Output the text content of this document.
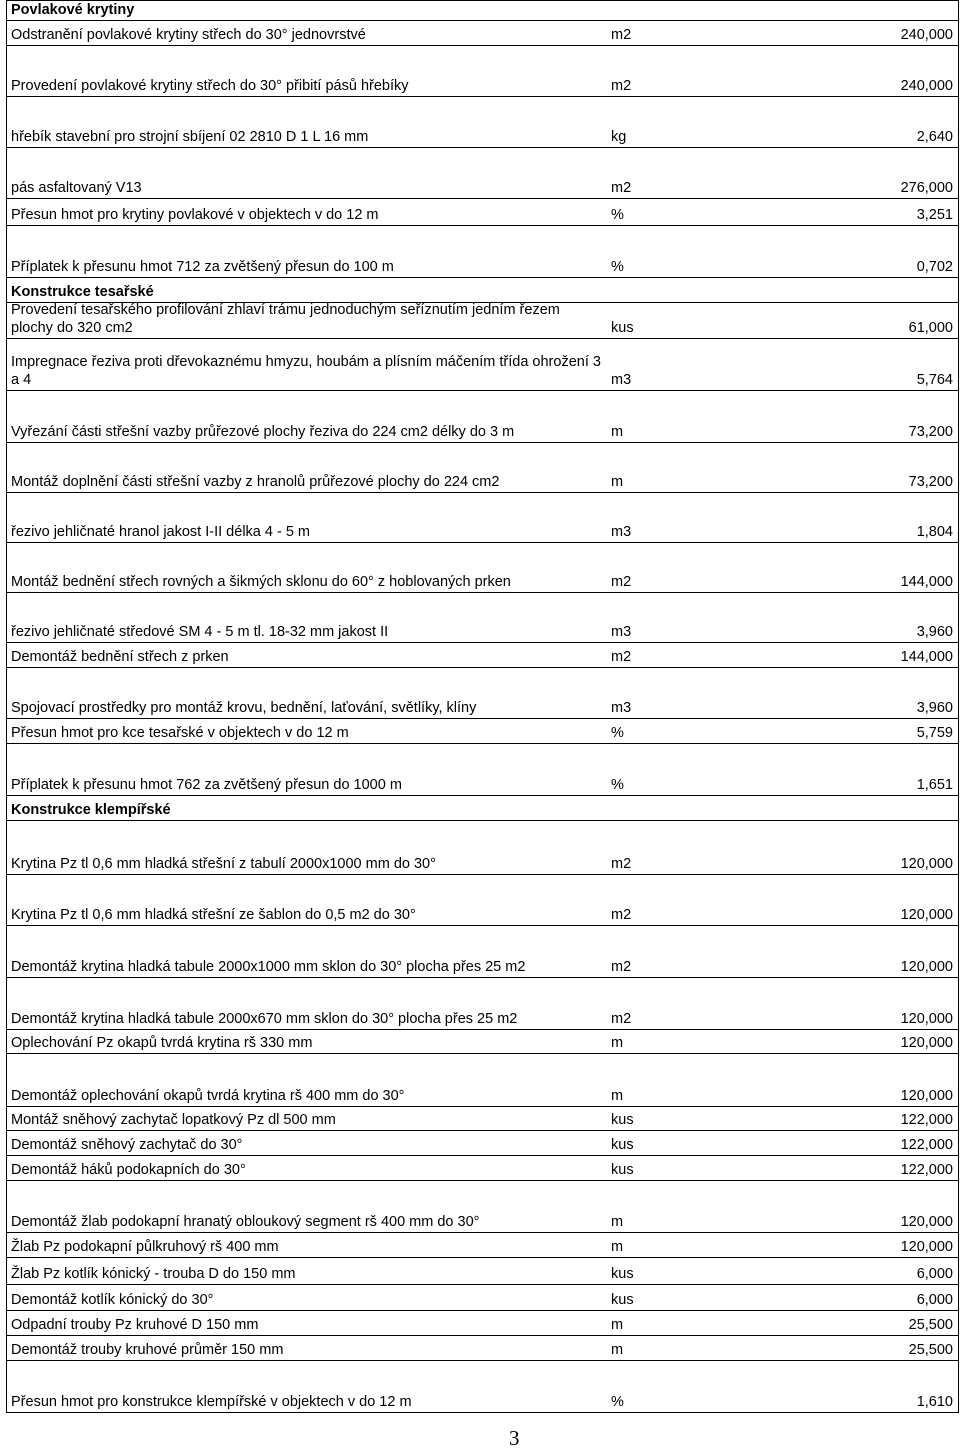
Povlakové krytiny
Odstranění povlakové krytiny střech do 30° jednovrstvé	m2	240,000
Provedení povlakové krytiny střech do 30° přibití pásů hřebíky	m2	240,000
hřebík stavební pro strojní sbíjení 02 2810 D 1 L 16 mm	kg	2,640
pás asfaltovaný V13	m2	276,000
Přesun hmot pro krytiny povlakové v objektech v do 12 m	%	3,251
Příplatek k přesunu hmot 712 za zvětšený přesun do 100 m	%	0,702
Konstrukce tesařské
Provedení tesařského profilování zhlaví trámu jednoduchým seříznutím jedním řezem plochy do 320 cm2	kus	61,000
Impregnace řeziva proti dřevokaznému hmyzu, houbám a plísním máčením třída ohrožení 3 a 4	m3	5,764
Vyřezání části střešní vazby průřezové plochy řeziva do 224 cm2 délky do 3 m	m	73,200
Montáž doplnění části střešní vazby z hranolů průřezové plochy do 224 cm2	m	73,200
řezivo jehličnaté hranol jakost I-II délka 4 - 5 m	m3	1,804
Montáž bednění střech rovných a šikmých sklonu do 60° z hoblovaných prken	m2	144,000
řezivo jehličnaté středové SM 4 - 5 m tl. 18-32 mm jakost II	m3	3,960
Demontáž bednění střech z prken	m2	144,000
Spojovací prostředky pro montáž krovu, bednění, laťování, světlíky, klíny	m3	3,960
Přesun hmot pro kce tesařské v objektech v do 12 m	%	5,759
Příplatek k přesunu hmot 762 za zvětšený přesun do 1000 m	%	1,651
Konstrukce klempířské
Krytina Pz tl 0,6 mm hladká střešní z tabulí 2000x1000 mm do 30°	m2	120,000
Krytina Pz tl 0,6 mm hladká střešní ze šablon do 0,5 m2 do 30°	m2	120,000
Demontáž krytina hladká tabule 2000x1000 mm sklon do 30° plocha přes 25 m2	m2	120,000
Demontáž krytina hladká tabule 2000x670 mm sklon do 30° plocha přes 25 m2	m2	120,000
Oplechování Pz okapů tvrdá krytina rš 330 mm	m	120,000
Demontáž oplechování okapů tvrdá krytina rš 400 mm do 30°	m	120,000
Montáž sněhový zachytač lopatkový Pz dl 500 mm	kus	122,000
Demontáž sněhový zachytač do 30°	kus	122,000
Demontáž háků podokapních do 30°	kus	122,000
Demontáž žlab podokapní hranatý obloukový segment rš 400 mm do 30°	m	120,000
Žlab Pz podokapní půlkruhový rš 400 mm	m	120,000
Žlab Pz kotlík kónický - trouba D do 150 mm	kus	6,000
Demontáž kotlík kónický do 30°	kus	6,000
Odpadní trouby Pz kruhové D 150 mm	m	25,500
Demontáž trouby kruhové průměr 150 mm	m	25,500
Přesun hmot pro konstrukce klempířské v objektech v do 12 m	%	1,610
3
